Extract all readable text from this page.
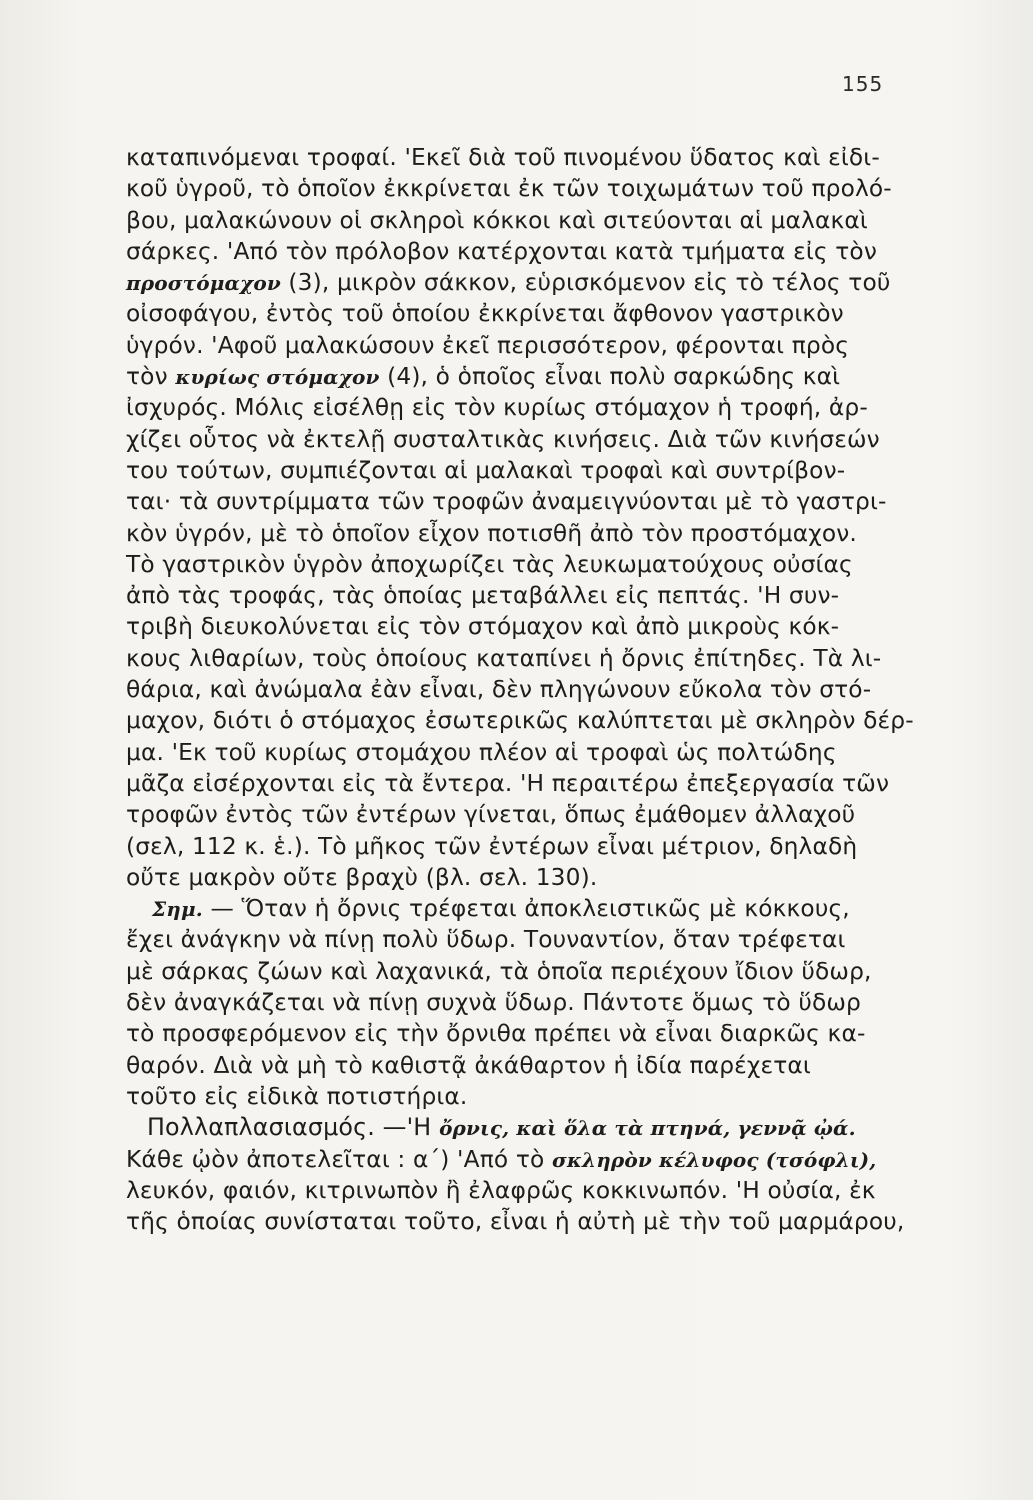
155
καταπινόμεναι τροφαί. 'Εκεῖ διὰ τοῦ πινομένου ὕδατος καὶ εἰδι-
κοῦ ὑγροῦ, τὸ ὁποῖον ἐκκρίνεται ἐκ τῶν τοιχωμάτων τοῦ προλό-
βου, μαλακώνουν οἱ σκληροὶ κόκκοι καὶ σιτεύονται αἱ μαλακαὶ
σάρκες. 'Από τὸν πρόλοβον κατέρχονται κατὰ τμήματα εἰς τὸν
προστόμαχον (3), μικρὸν σάκκον, εὑρισκόμενον εἰς τὸ τέλος τοῦ
οἰσοφάγου, ἐντὸς τοῦ ὁποίου ἐκκρίνεται ἄφθονον γαστρικὸν
ὑγρόν. 'Αφοῦ μαλακώσουν ἐκεῖ περισσότερον, φέρονται πρὸς
τὸν κυρίως στόμαχον (4), ὁ ὁποῖος εἶναι πολὺ σαρκώδης καὶ
ἰσχυρός. Μόλις εἰσέλθῃ εἰς τὸν κυρίως στόμαχον ἡ τροφή, ἀρ-
χίζει οὗτος νὰ ἐκτελῇ συσταλτικὰς κινήσεις. Διὰ τῶν κινήσεών
του τούτων, συμπιέζονται αἱ μαλακαὶ τροφαὶ καὶ συντρίβον-
ται· τὰ συντρίμματα τῶν τροφῶν ἀναμειγνύονται μὲ τὸ γαστρι-
κὸν ὑγρόν, μὲ τὸ ὁποῖον εἶχον ποτισθῆ ἀπὸ τὸν προστόμαχον.
Τὸ γαστρικὸν ὑγρὸν ἀποχωρίζει τὰς λευκωματούχους οὐσίας
ἀπὸ τὰς τροφάς, τὰς ὁποίας μεταβάλλει εἰς πεπτάς. 'Η συν-
τριβὴ διευκολύνεται εἰς τὸν στόμαχον καὶ ἀπὸ μικροὺς κόκ-
κους λιθαρίων, τοὺς ὁποίους καταπίνει ἡ ὄρνις ἐπίτηδες. Τὰ λι-
θάρια, καὶ ἀνώμαλα ἐὰν εἶναι, δὲν πληγώνουν εὔκολα τὸν στό-
μαχον, διότι ὁ στόμαχος ἐσωτερικῶς καλύπτεται μὲ σκληρὸν δέρ-
μα. 'Εκ τοῦ κυρίως στομάχου πλέον αἱ τροφαὶ ὡς πολτώδης
μᾶζα εἰσέρχονται εἰς τὰ ἔντερα. 'Η περαιτέρω ἐπεξεργασία τῶν
τροφῶν ἐντὸς τῶν ἐντέρων γίνεται, ὅπως ἐμάθομεν ἀλλαχοῦ
(σελ, 112 κ. ἑ.). Τὸ μῆκος τῶν ἐντέρων εἶναι μέτριον, δηλαδὴ
οὔτε μακρὸν οὔτε βραχὺ (βλ. σελ. 130).
Σημ. — Ὅταν ἡ ὄρνις τρέφεται ἀποκλειστικῶς μὲ κόκκους,
ἔχει ἀνάγκην νὰ πίνῃ πολὺ ὕδωρ. Τουναντίον, ὅταν τρέφεται
μὲ σάρκας ζώων καὶ λαχανικά, τὰ ὁποῖα περιέχουν ἴδιον ὕδωρ,
δὲν ἀναγκάζεται νὰ πίνῃ συχνὰ ὕδωρ. Πάντοτε ὅμως τὸ ὕδωρ
τὸ προσφερόμενον εἰς τὴν ὄρνιθα πρέπει νὰ εἶναι διαρκῶς κα-
θαρόν. Διὰ νὰ μὴ τὸ καθιστᾷ ἀκάθαρτον ἡ ἰδία παρέχεται
τοῦτο εἰς εἰδικὰ ποτιστήρια.
Πολλαπλασιασμός. —'Η ὄρνις, καὶ ὅλα τὰ πτηνά, γεννᾷ ᾠά.
Κάθε ᾠὸν ἀποτελεῖται : α΄) 'Από τὸ σκληρὸν κέλυφος (τσόφλι),
λευκόν, φαιόν, κιτρινωπὸν ἢ ἐλαφρῶς κοκκινωπόν. 'Η οὐσία, ἐκ
τῆς ὁποίας συνίσταται τοῦτο, εἶναι ἡ αὐτὴ μὲ τὴν τοῦ μαρμάρου,
